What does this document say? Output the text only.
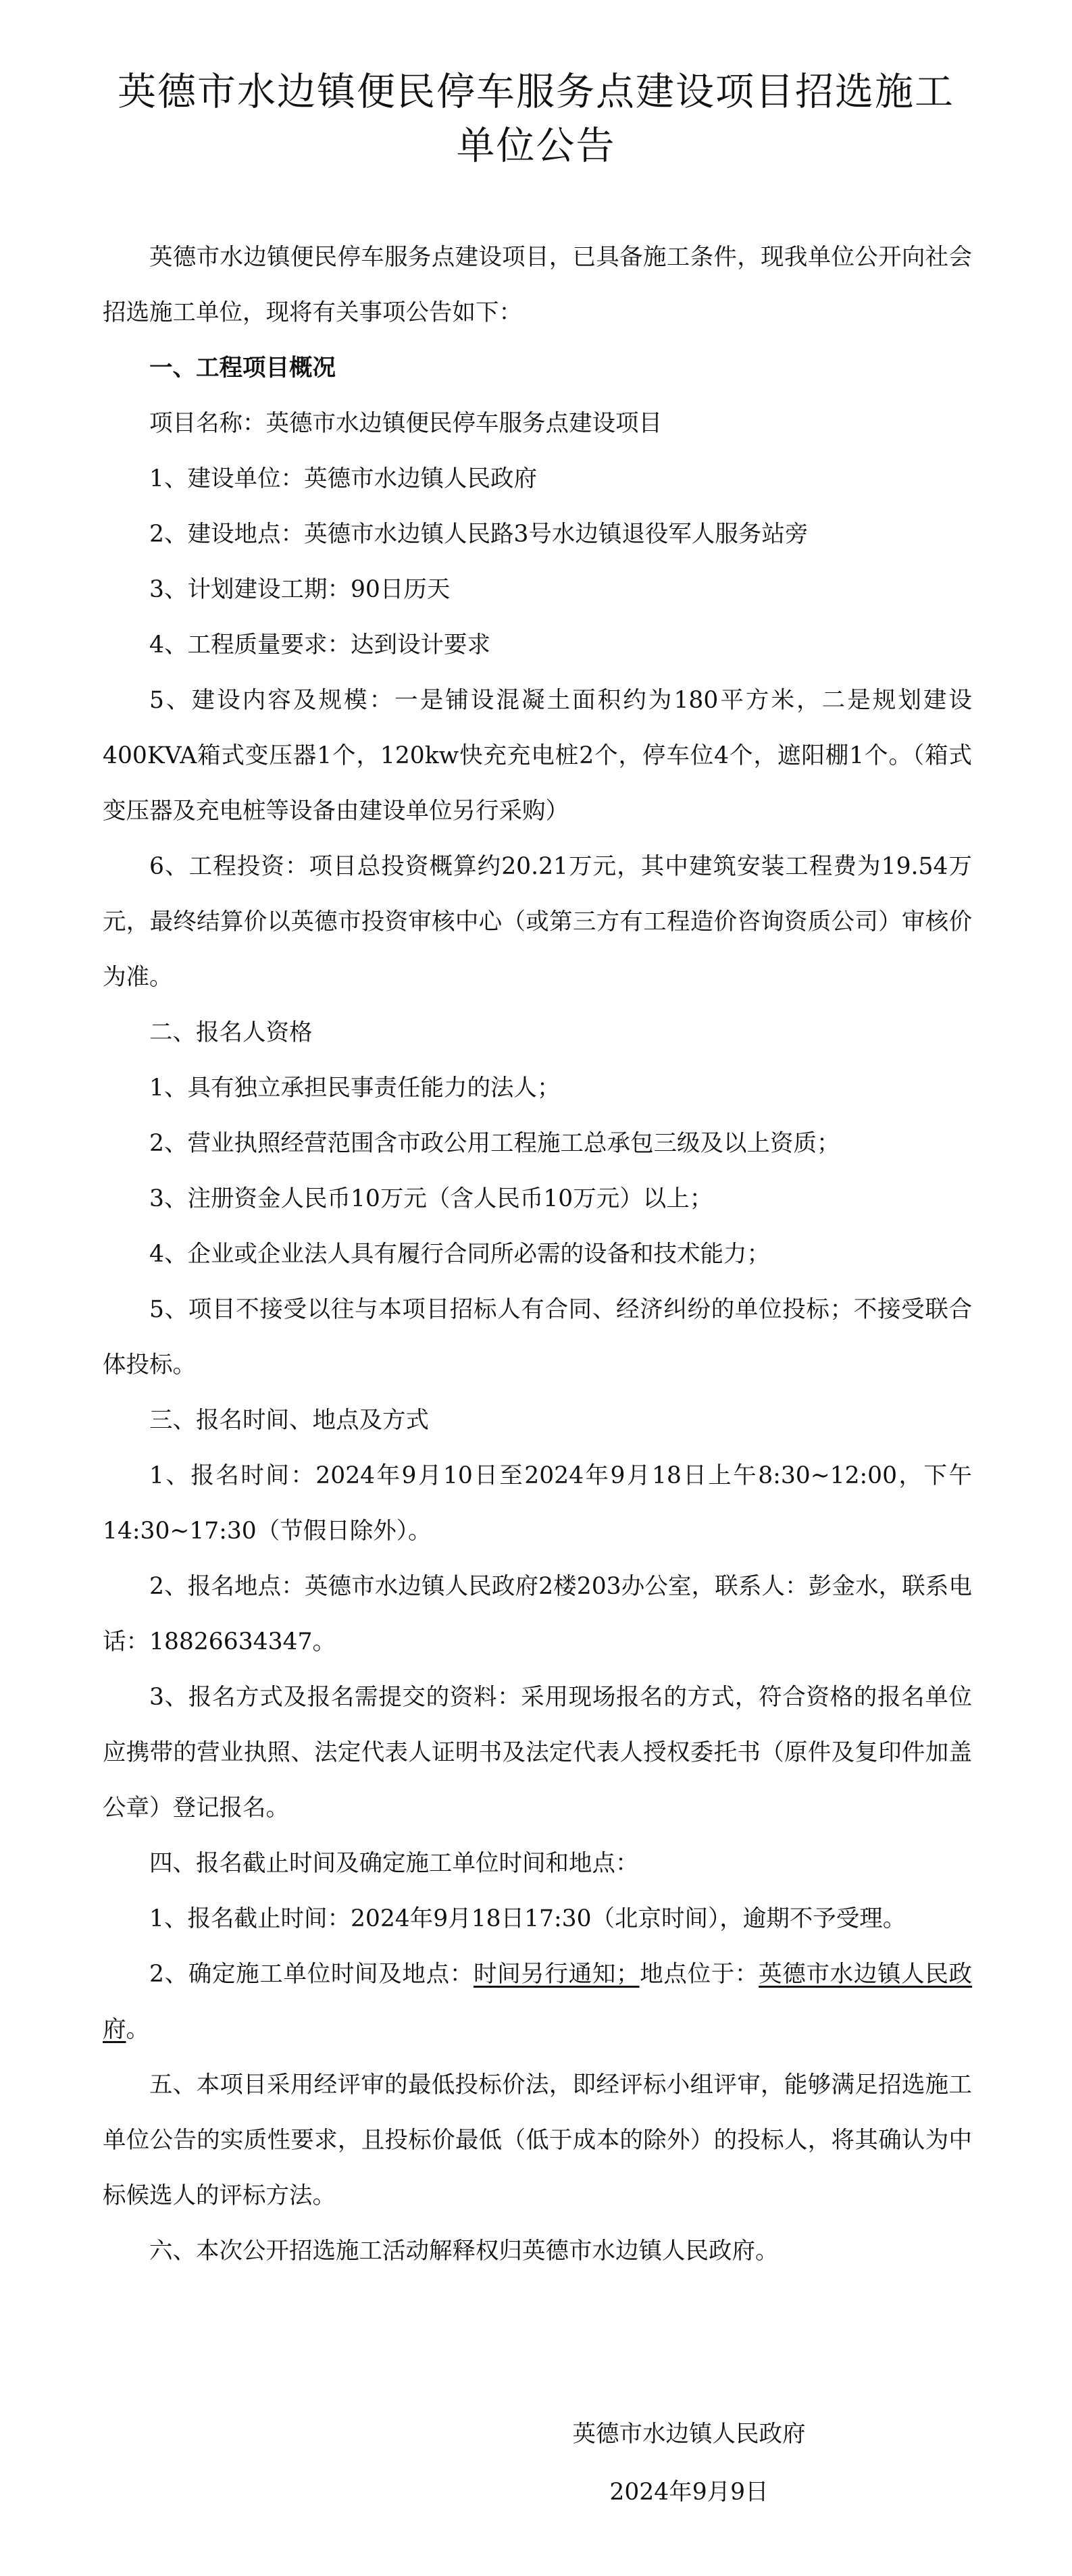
英德市水边镇便民停车服务点建设项目招选施工
单位公告

英德市水边镇便民停车服务点建设项目，已具备施工条件，现我单位公开向社会招选施工单位，现将有关事项公告如下：

一、工程项目概况

项目名称：英德市水边镇便民停车服务点建设项目

1、建设单位：英德市水边镇人民政府

2、建设地点：英德市水边镇人民路3号水边镇退役军人服务站旁

3、计划建设工期：90日历天

4、工程质量要求：达到设计要求

5、建设内容及规模：一是铺设混凝土面积约为180平方米，二是规划建设400KVA箱式变压器1个，120kw快充充电桩2个，停车位4个，遮阳棚1个。（箱式变压器及充电桩等设备由建设单位另行采购）

6、工程投资：项目总投资概算约20.21万元，其中建筑安装工程费为19.54万元，最终结算价以英德市投资审核中心（或第三方有工程造价咨询资质公司）审核价为准。

二、报名人资格

1、具有独立承担民事责任能力的法人；

2、营业执照经营范围含市政公用工程施工总承包三级及以上资质；

3、注册资金人民币10万元（含人民币10万元）以上；

4、企业或企业法人具有履行合同所必需的设备和技术能力；

5、项目不接受以往与本项目招标人有合同、经济纠纷的单位投标；不接受联合体投标。

三、报名时间、地点及方式

1、报名时间：2024年9月10日至2024年9月18日上午8:30~12:00，下午14:30~17:30（节假日除外）。

2、报名地点：英德市水边镇人民政府2楼203办公室，联系人：彭金水，联系电话：18826634347。

3、报名方式及报名需提交的资料：采用现场报名的方式，符合资格的报名单位应携带的营业执照、法定代表人证明书及法定代表人授权委托书（原件及复印件加盖公章）登记报名。

四、报名截止时间及确定施工单位时间和地点：

1、报名截止时间：2024年9月18日17:30（北京时间），逾期不予受理。

2、确定施工单位时间及地点：时间另行通知；地点位于：英德市水边镇人民政府。

五、本项目采用经评审的最低投标价法，即经评标小组评审，能够满足招选施工单位公告的实质性要求，且投标价最低（低于成本的除外）的投标人，将其确认为中标候选人的评标方法。

六、本次公开招选施工活动解释权归英德市水边镇人民政府。

英德市水边镇人民政府

2024年9月9日
